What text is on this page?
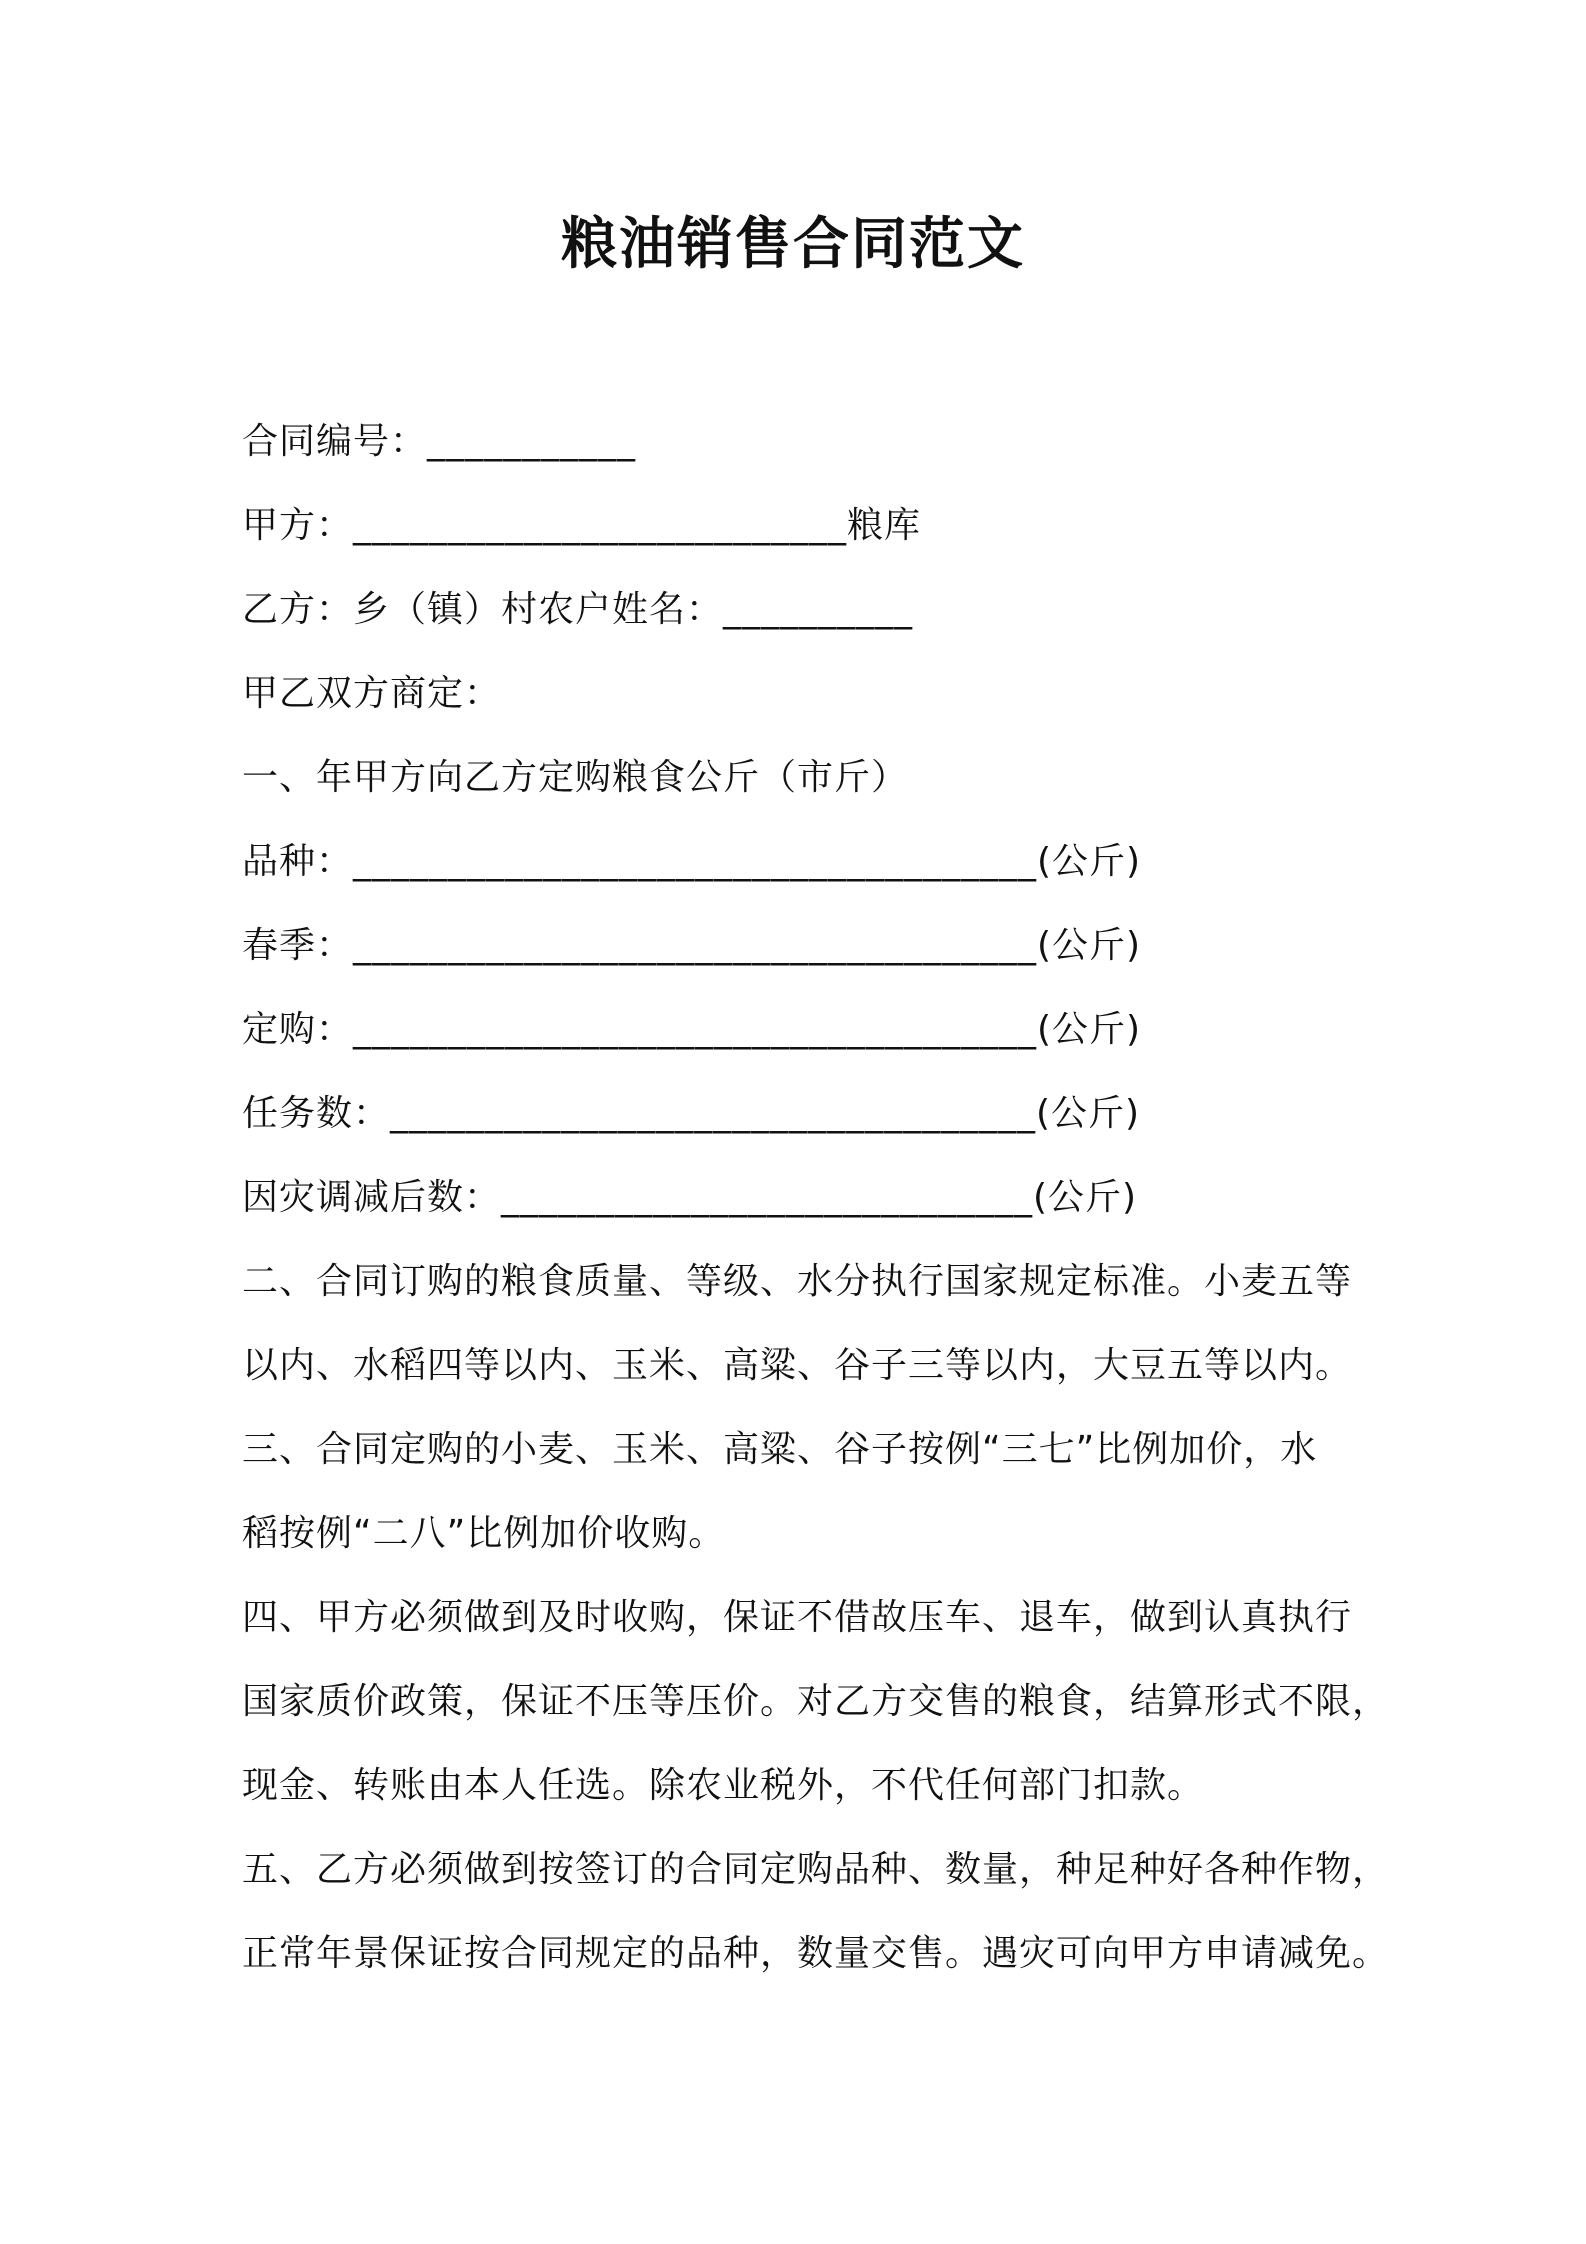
粮油销售合同范文
合同编号：___________
甲方：__________________________粮库
乙方：乡（镇）村农户姓名：__________
甲乙双方商定：
一、年甲方向乙方定购粮食公斤（市斤）
品种：____________________________________(公斤)
春季：____________________________________(公斤)
定购：____________________________________(公斤)
任务数：__________________________________(公斤)
因灾调减后数：____________________________(公斤)
二、合同订购的粮食质量、等级、水分执行国家规定标准。小麦五等
以内、水稻四等以内、玉米、高粱、谷子三等以内，大豆五等以内。
三、合同定购的小麦、玉米、高粱、谷子按例“三七”比例加价，水
稻按例“二八”比例加价收购。
四、甲方必须做到及时收购，保证不借故压车、退车，做到认真执行
国家质价政策，保证不压等压价。对乙方交售的粮食，结算形式不限，
现金、转账由本人任选。除农业税外，不代任何部门扣款。
五、乙方必须做到按签订的合同定购品种、数量，种足种好各种作物，
正常年景保证按合同规定的品种，数量交售。遇灾可向甲方申请减免。
